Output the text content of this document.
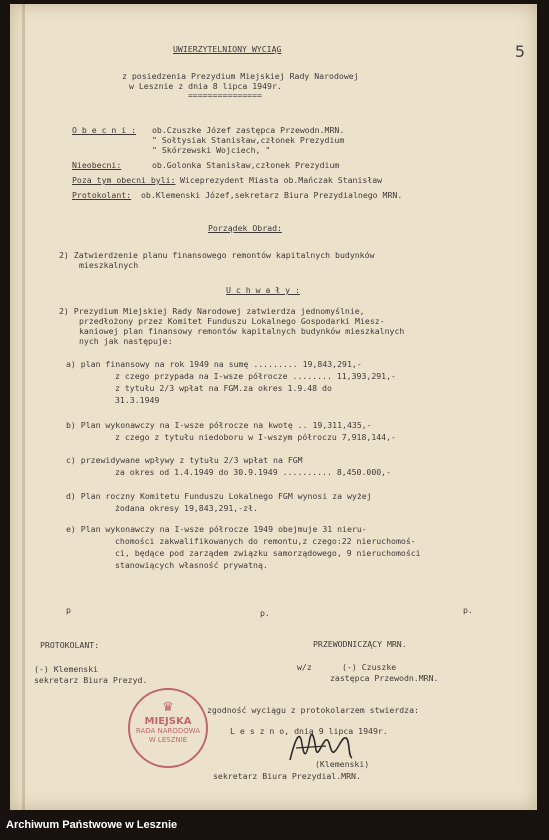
5
UWIERZYTELNIONY WYCIĄG
z posiedzenia Prezydium Miejskiej Rady Narodowej
w Lesznie z dnia 8 lipca 1949r.
===============
O b e c n i : ob.Czuszke Józef zastępca Przewodn.MRN.
" Sołtysiak Stanisław,członek Prezydium
" Skórzewski Wojciech, "
Nieobecni:	ob.Golonka Stanisław,członek Prezydium
Poza tym obecni byli: Wiceprezydent Miasta ob.Mańczak Stanisław
Protokolant: ob.Klemenski Józef,sekretarz Biura Prezydialnego MRN.
Porządek Obrad:
2) Zatwierdzenie planu finansowego remontów kapitalnych budynków
mieszkalnych
U c h w a ł y :
2) Prezydium Miejskiej Rady Narodowej zatwierdza jednomyślnie,
przedłożony przez Komitet Funduszu Lokalnego Gospodarki Miesz-
kaniowej plan finansowy remontów kapitalnych budynków mieszkalnych
nych jak następuje:
a) plan finansowy na rok 1949 na sumę ......... 19,843,291,-
z czego przypada na I-wsze półrocze ........ 11,393,291,-
z tytułu 2/3 wpłat na FGM.za okres 1.9.48 do
31.3.1949
b) Plan wykonawczy na I-wsze półrocze na kwotę .. 19,311,435,-
z czego z tytułu niedoboru w I-wszym półroczu 7,918,144,-
c) przewidywane wpływy z tytułu 2/3 wpłat na FGM
za okres od 1.4.1949 do 30.9.1949 .......... 8,450.000,-
d) Plan roczny Komitetu Funduszu Lokalnego FGM wynosi za wyżej
żodana okresy 19,843,291,-zł.
e) Plan wykonawczy na I-wsze półrocze 1949 obejmuje 31 nieru-
chomości zakwalifikowanych do remontu,z czego:22 nieruchomoś-
ci, będące pod zarządem związku samorządowego, 9 nieruchomości
stanowiących własność prywatną.
p	p.	p.
PROTOKOLANT:
(-) Klemenski
sekretarz Biura Prezyd.
PRZEWODNICZĄCY MRN.
w/z	(-) Czuszke
zastępca Przewodn.MRN.
zgodność wyciągu z protokolarzem stwierdza:
L e s z n o, dnia 9 lipca 1949r.
(Klemenski)
sekretarz Biura Prezydial.MRN.
♛
MIEJSKA
RADA NARODOWA
W LESZNIE
Archiwum Państwowe w Lesznie
